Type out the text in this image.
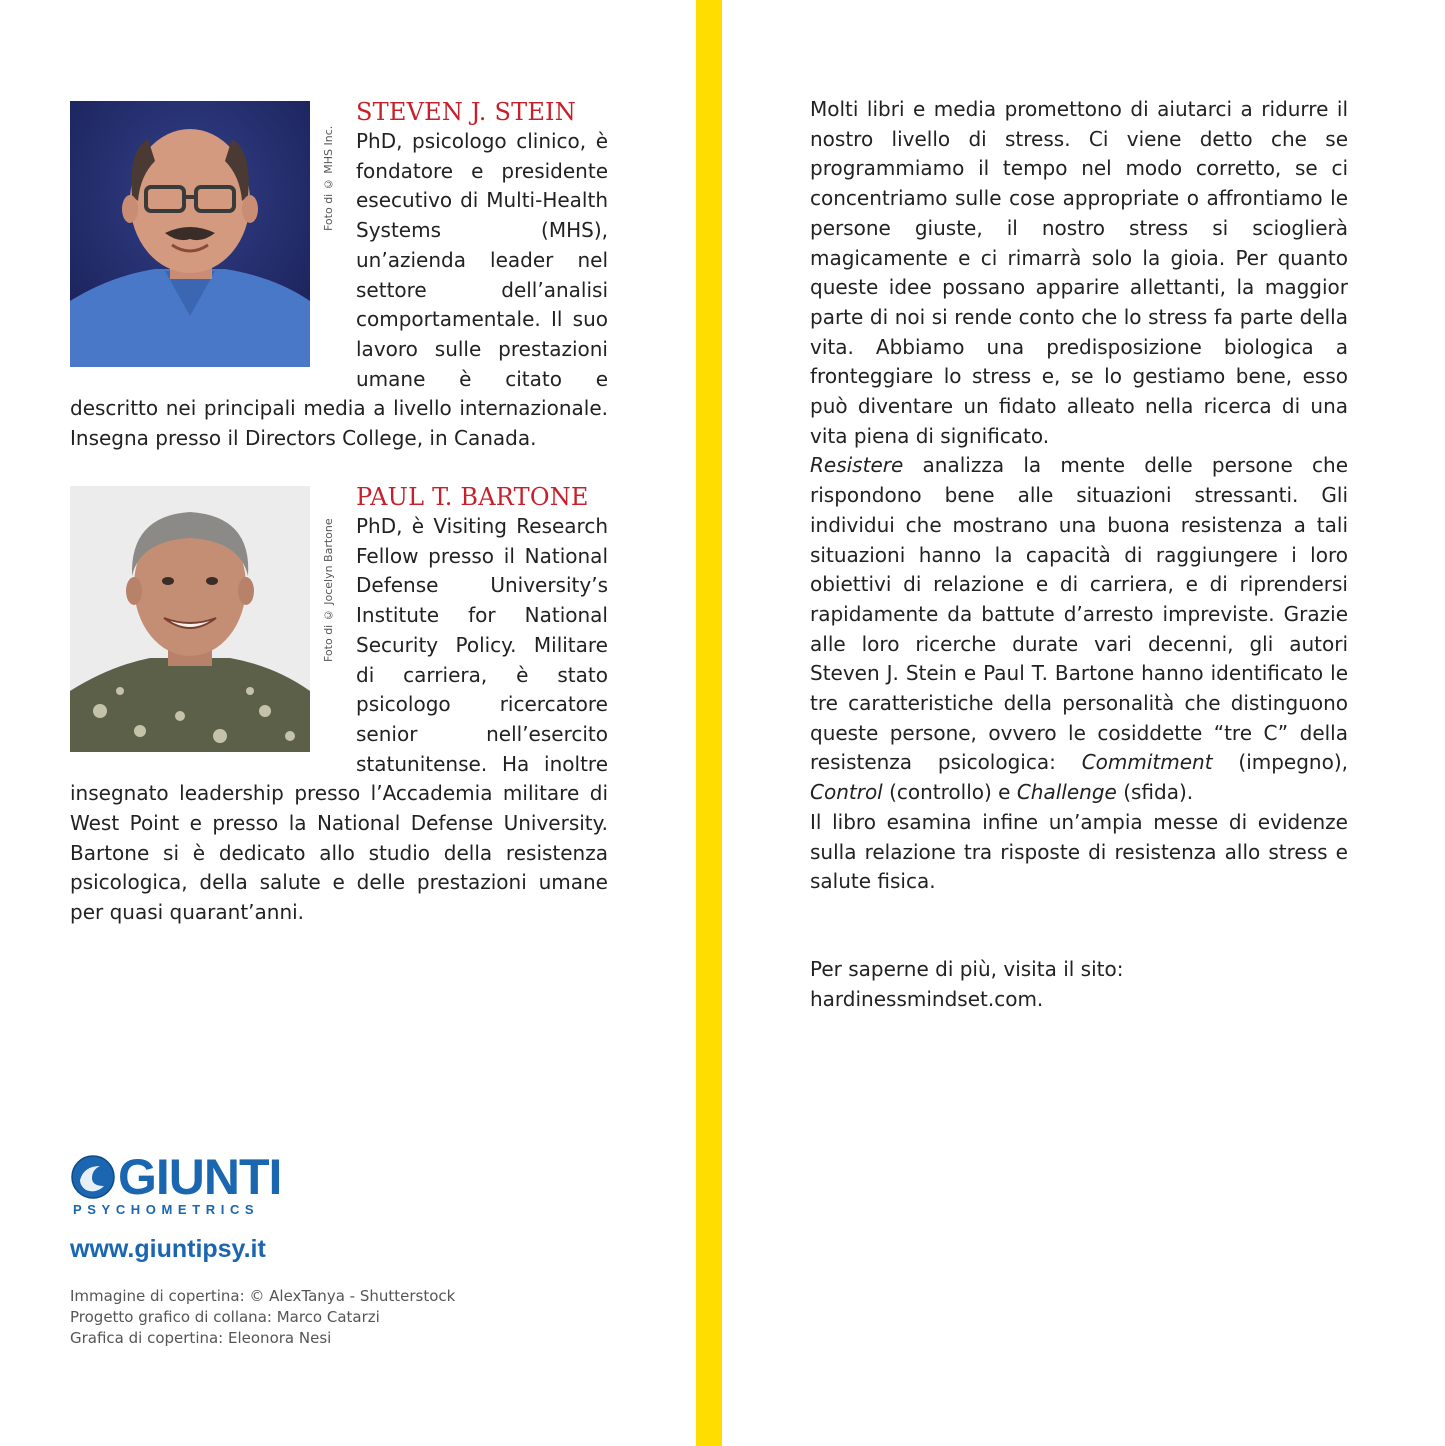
Foto di © MHS Inc.
STEVEN J. STEIN
PhD, psicologo clinico, è fondatore e presidente esecutivo di Multi-Health Systems (MHS), un’azienda leader nel settore dell’analisi comportamentale. Il suo lavoro sulle prestazioni umane è citato e descritto nei principali media a livello internazionale. Insegna presso il Directors College, in Canada.
Foto di © Jocelyn Bartone
PAUL T. BARTONE
PhD, è Visiting Research Fellow presso il National Defense University’s Institute for National Security Policy. Militare di carriera, è stato psicologo ricercatore senior nell’esercito statunitense. Ha inoltre insegnato leadership presso l’Accademia militare di West Point e presso la National Defense University. Bartone si è dedicato allo studio della resistenza psicologica, della salute e delle prestazioni umane per quasi quarant’anni.

Molti libri e media promettono di aiutarci a ridurre il nostro livello di stress. Ci viene detto che se programmiamo il tempo nel modo corretto, se ci concentriamo sulle cose appropriate o affrontiamo le persone giuste, il nostro stress si scioglierà magicamente e ci rimarrà solo la gioia. Per quanto queste idee possano apparire allettanti, la maggior parte di noi si rende conto che lo stress fa parte della vita. Abbiamo una predisposizione biologica a fronteggiare lo stress e, se lo gestiamo bene, esso può diventare un fidato alleato nella ricerca di una vita piena di significato.

Resistere analizza la mente delle persone che rispondono bene alle situazioni stressanti. Gli individui che mostrano una buona resistenza a tali situazioni hanno la capacità di raggiungere i loro obiettivi di relazione e di carriera, e di riprendersi rapidamente da battute d’arresto impreviste. Grazie alle loro ricerche durate vari decenni, gli autori Steven J. Stein e Paul T. Bartone hanno identificato le tre caratteristiche della personalità che distinguono queste persone, ovvero le cosiddette “tre C” della resistenza psicologica: Commitment (impegno), Control (controllo) e Challenge (sfida).

Il libro esamina infine un’ampia messe di evidenze sulla relazione tra risposte di resistenza allo stress e salute fisica.

Per saperne di più, visita il sito: hardinessmindset.com.
GIUNTI
PSYCHOMETRICS
www.giuntipsy.it
Immagine di copertina: © AlexTanya - Shutterstock
Progetto grafico di collana: Marco Catarzi
Grafica di copertina: Eleonora Nesi
